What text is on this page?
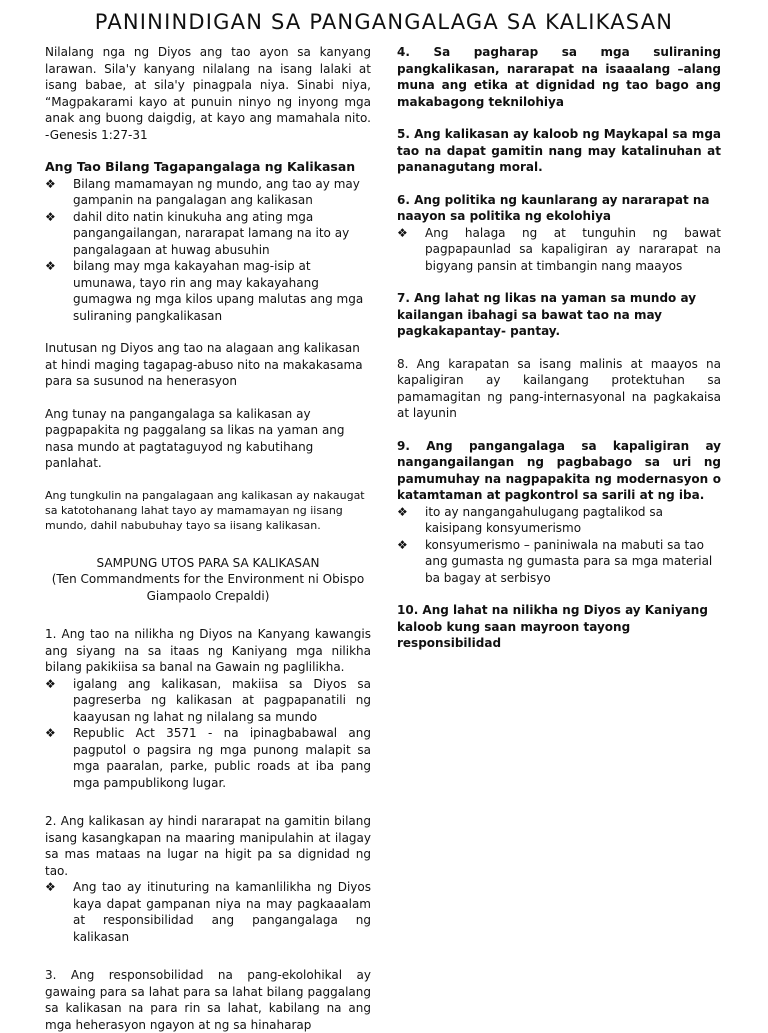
PANININDIGAN SA PANGANGALAGA SA KALIKASAN

Nilalang nga ng Diyos ang tao ayon sa kanyang larawan. Sila'y kanyang nilalang na isang lalaki at isang babae, at sila'y pinagpala niya. Sinabi niya, “Magpakarami kayo at punuin ninyo ng inyong mga anak ang buong daigdig, at kayo ang mamahala nito. -Genesis 1:27-31

Ang Tao Bilang Tagapangalaga ng Kalikasan

❖ Bilang mamamayan ng mundo, ang tao ay may gampanin na pangalagan ang kalikasan
❖ dahil dito natin kinukuha ang ating mga pangangailangan, nararapat lamang na ito ay pangalagaan at huwag abusuhin
❖ bilang may mga kakayahan mag-isip at umunawa, tayo rin ang may kakayahang gumagwa ng mga kilos upang malutas ang mga suliraning pangkalikasan

Inutusan ng Diyos ang tao na alagaan ang kalikasan at hindi maging tagapag-abuso nito na makakasama para sa susunod na henerasyon

Ang tunay na pangangalaga sa kalikasan ay pagpapakita ng paggalang sa likas na yaman ang nasa mundo at pagtataguyod ng kabutihang panlahat.

Ang tungkulin na pangalagaan ang kalikasan ay nakaugat sa katotohanang lahat tayo ay mamamayan ng iisang mundo, dahil nabubuhay tayo sa iisang kalikasan.

SAMPUNG UTOS PARA SA KALIKASAN

(Ten Commandments for the Environment ni Obispo Giampaolo Crepaldi)

1. Ang tao na nilikha ng Diyos na Kanyang kawangis ang siyang na sa itaas ng Kaniyang mga nilikha bilang pakikiisa sa banal na Gawain ng paglilikha.

❖ igalang ang kalikasan, makiisa sa Diyos sa pagreserba ng kalikasan at pagpapanatili ng kaayusan ng lahat ng nilalang sa mundo
❖ Republic Act 3571 - na ipinagbabawal ang pagputol o pagsira ng mga punong malapit sa mga paaralan, parke, public roads at iba pang mga pampublikong lugar.

2. Ang kalikasan ay hindi nararapat na gamitin bilang isang kasangkapan na maaring manipulahin at ilagay sa mas mataas na lugar na higit pa sa dignidad ng tao.

❖ Ang tao ay itinuturing na kamanlilikha ng Diyos kaya dapat gampanan niya na may pagkaaalam at responsibilidad ang pangangalaga ng kalikasan

3. Ang responsobilidad na pang-ekolohikal ay gawaing para sa lahat para sa lahat bilang paggalang sa kalikasan na para rin sa lahat, kabilang na ang mga heherasyon ngayon at ng sa hinaharap

4. Sa pagharap sa mga suliraning pangkalikasan, nararapat na isaaalang –alang muna ang etika at dignidad ng tao bago ang makabagong teknilohiya

5. Ang kalikasan ay kaloob ng Maykapal sa mga tao na dapat gamitin nang may katalinuhan at pananagutang moral.

6. Ang politika ng kaunlarang ay nararapat na naayon sa politika ng ekolohiya

❖ Ang halaga ng at tunguhin ng bawat pagpapaunlad sa kapaligiran ay nararapat na bigyang pansin at timbangin nang maayos

7. Ang lahat ng likas na yaman sa mundo ay kailangan ibahagi sa bawat tao na may pagkakapantay- pantay.

8. Ang karapatan sa isang malinis at maayos na kapaligiran ay kailangang protektuhan sa pamamagitan ng pang-internasyonal na pagkakaisa at layunin

9. Ang pangangalaga sa kapaligiran ay nangangailangan ng pagbabago sa uri ng pamumuhay na nagpapakita ng modernasyon o katamtaman at pagkontrol sa sarili at ng iba.

❖ ito ay nangangahulugang pagtalikod sa kaisipang konsyumerismo
❖ konsyumerismo – paniniwala na mabuti sa tao ang gumasta ng gumasta para sa mga material ba bagay at serbisyo

10. Ang lahat na nilikha ng Diyos ay Kaniyang kaloob kung saan mayroon tayong responsibilidad
